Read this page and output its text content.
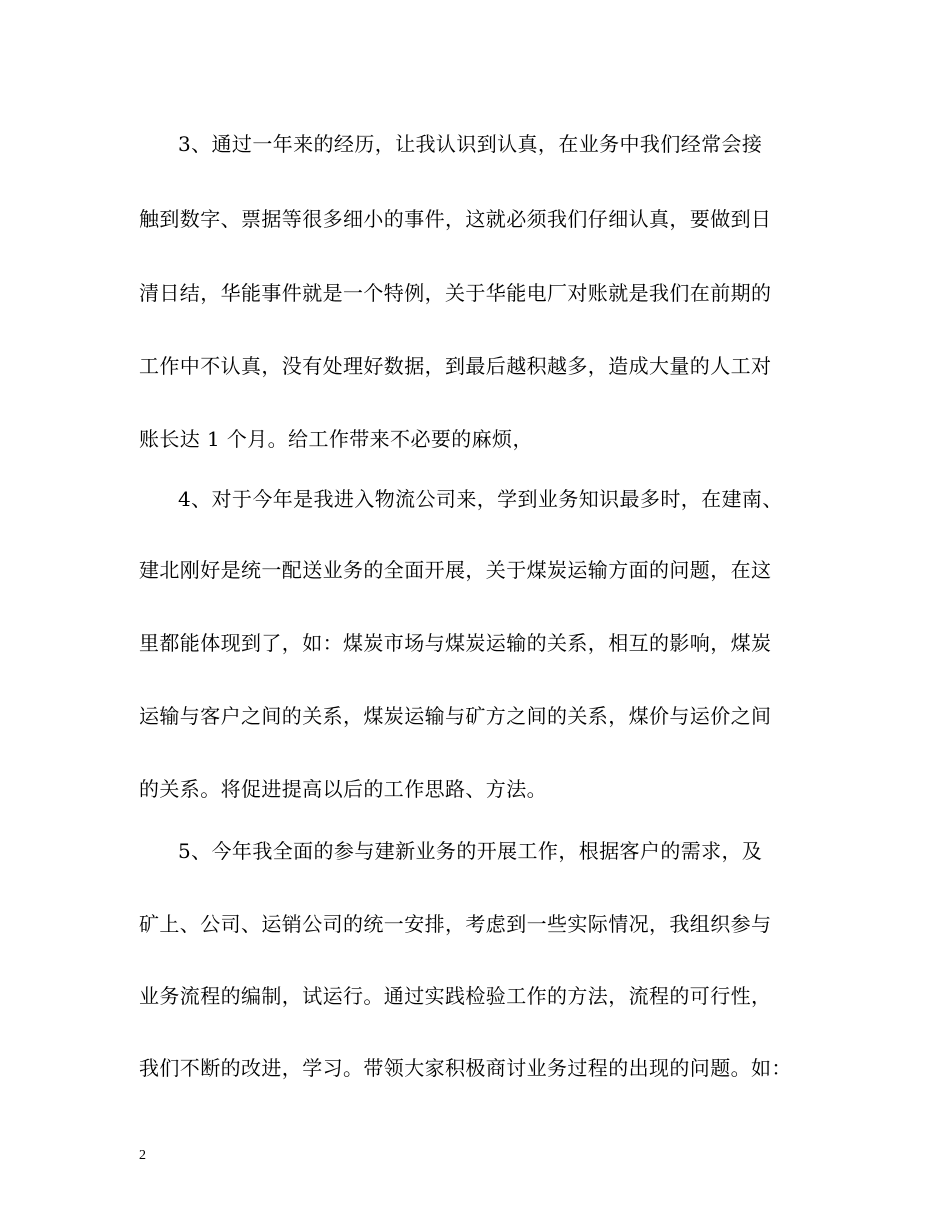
3、通过一年来的经历，让我认识到认真，在业务中我们经常会接
触到数字、票据等很多细小的事件，这就必须我们仔细认真，要做到日
清日结，华能事件就是一个特例，关于华能电厂对账就是我们在前期的
工作中不认真，没有处理好数据，到最后越积越多，造成大量的人工对
账长达 1 个月。给工作带来不必要的麻烦，
4、对于今年是我进入物流公司来，学到业务知识最多时，在建南、
建北刚好是统一配送业务的全面开展，关于煤炭运输方面的问题，在这
里都能体现到了，如：煤炭市场与煤炭运输的关系，相互的影响，煤炭
运输与客户之间的关系，煤炭运输与矿方之间的关系，煤价与运价之间
的关系。将促进提高以后的工作思路、方法。
5、今年我全面的参与建新业务的开展工作，根据客户的需求，及
矿上、公司、运销公司的统一安排，考虑到一些实际情况，我组织参与
业务流程的编制，试运行。通过实践检验工作的方法，流程的可行性，
我们不断的改进，学习。带领大家积极商讨业务过程的出现的问题。如：
2
